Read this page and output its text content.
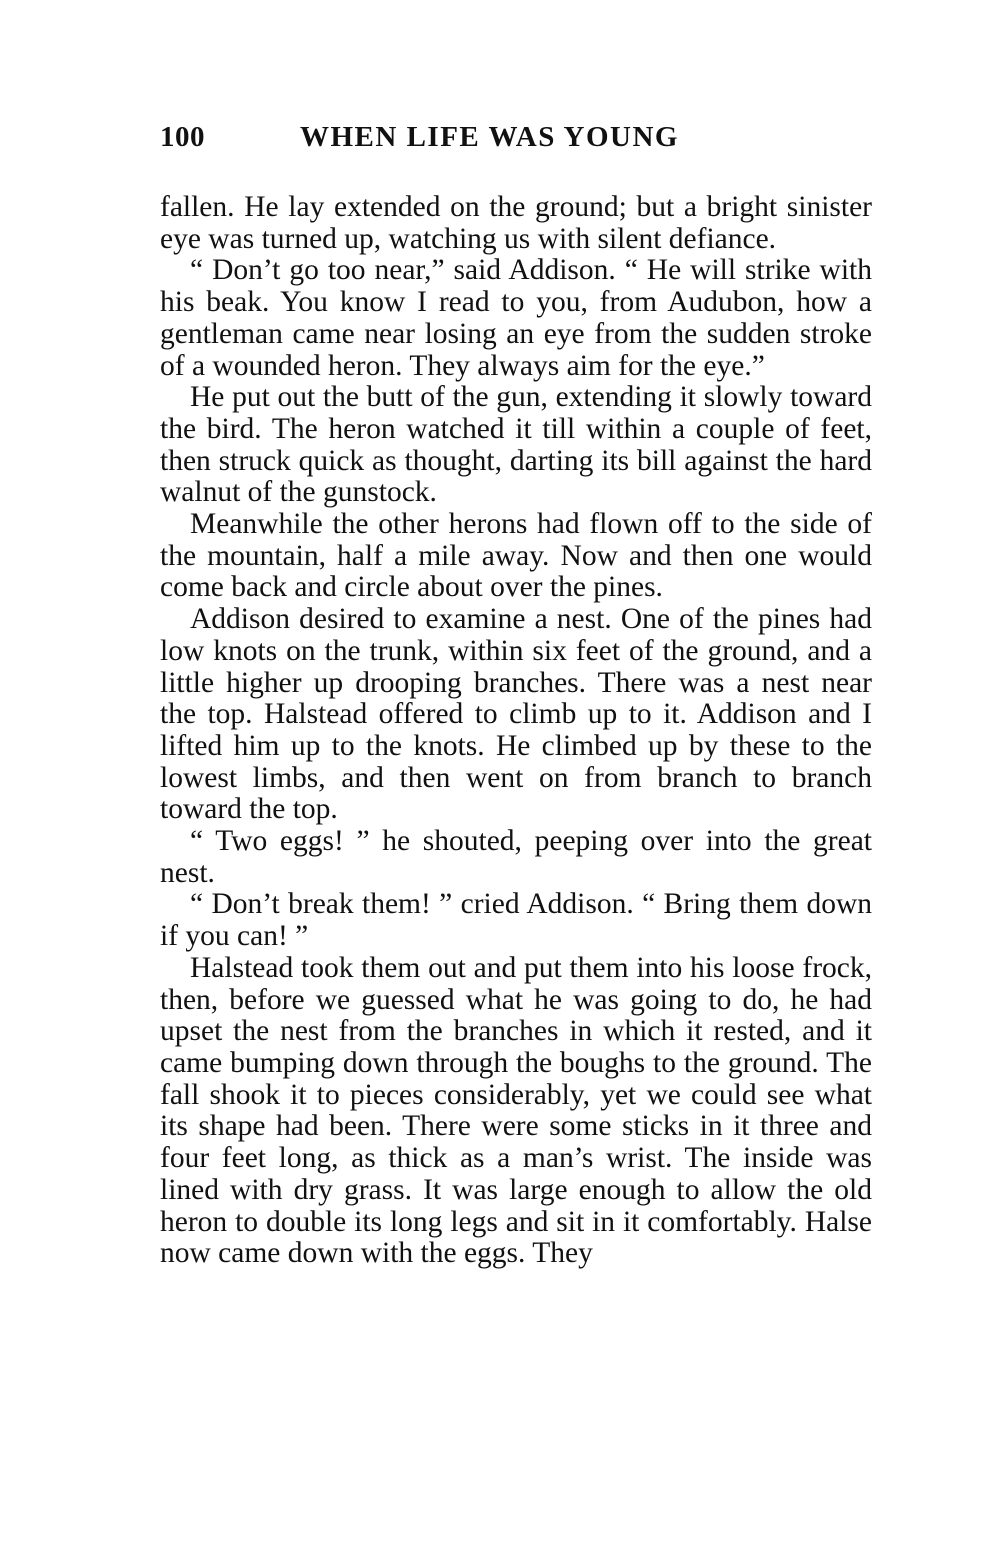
100	WHEN LIFE WAS YOUNG

fallen. He lay extended on the ground; but a bright sinister eye was turned up, watching us with silent defiance.

“ Don’t go too near,” said Addison. “ He will strike with his beak. You know I read to you, from Audubon, how a gentleman came near losing an eye from the sudden stroke of a wounded heron. They always aim for the eye.”

He put out the butt of the gun, extending it slowly toward the bird. The heron watched it till within a couple of feet, then struck quick as thought, darting its bill against the hard walnut of the gunstock.

Meanwhile the other herons had flown off to the side of the mountain, half a mile away. Now and then one would come back and circle about over the pines.

Addison desired to examine a nest. One of the pines had low knots on the trunk, within six feet of the ground, and a little higher up drooping branches. There was a nest near the top. Halstead offered to climb up to it. Addison and I lifted him up to the knots. He climbed up by these to the lowest limbs, and then went on from branch to branch toward the top.

“ Two eggs! ” he shouted, peeping over into the great nest.

“ Don’t break them! ” cried Addison. “ Bring them down if you can! ”

Halstead took them out and put them into his loose frock, then, before we guessed what he was going to do, he had upset the nest from the branches in which it rested, and it came bumping down through the boughs to the ground. The fall shook it to pieces considerably, yet we could see what its shape had been. There were some sticks in it three and four feet long, as thick as a man’s wrist. The inside was lined with dry grass. It was large enough to allow the old heron to double its long legs and sit in it comfortably. Halse now came down with the eggs. They
